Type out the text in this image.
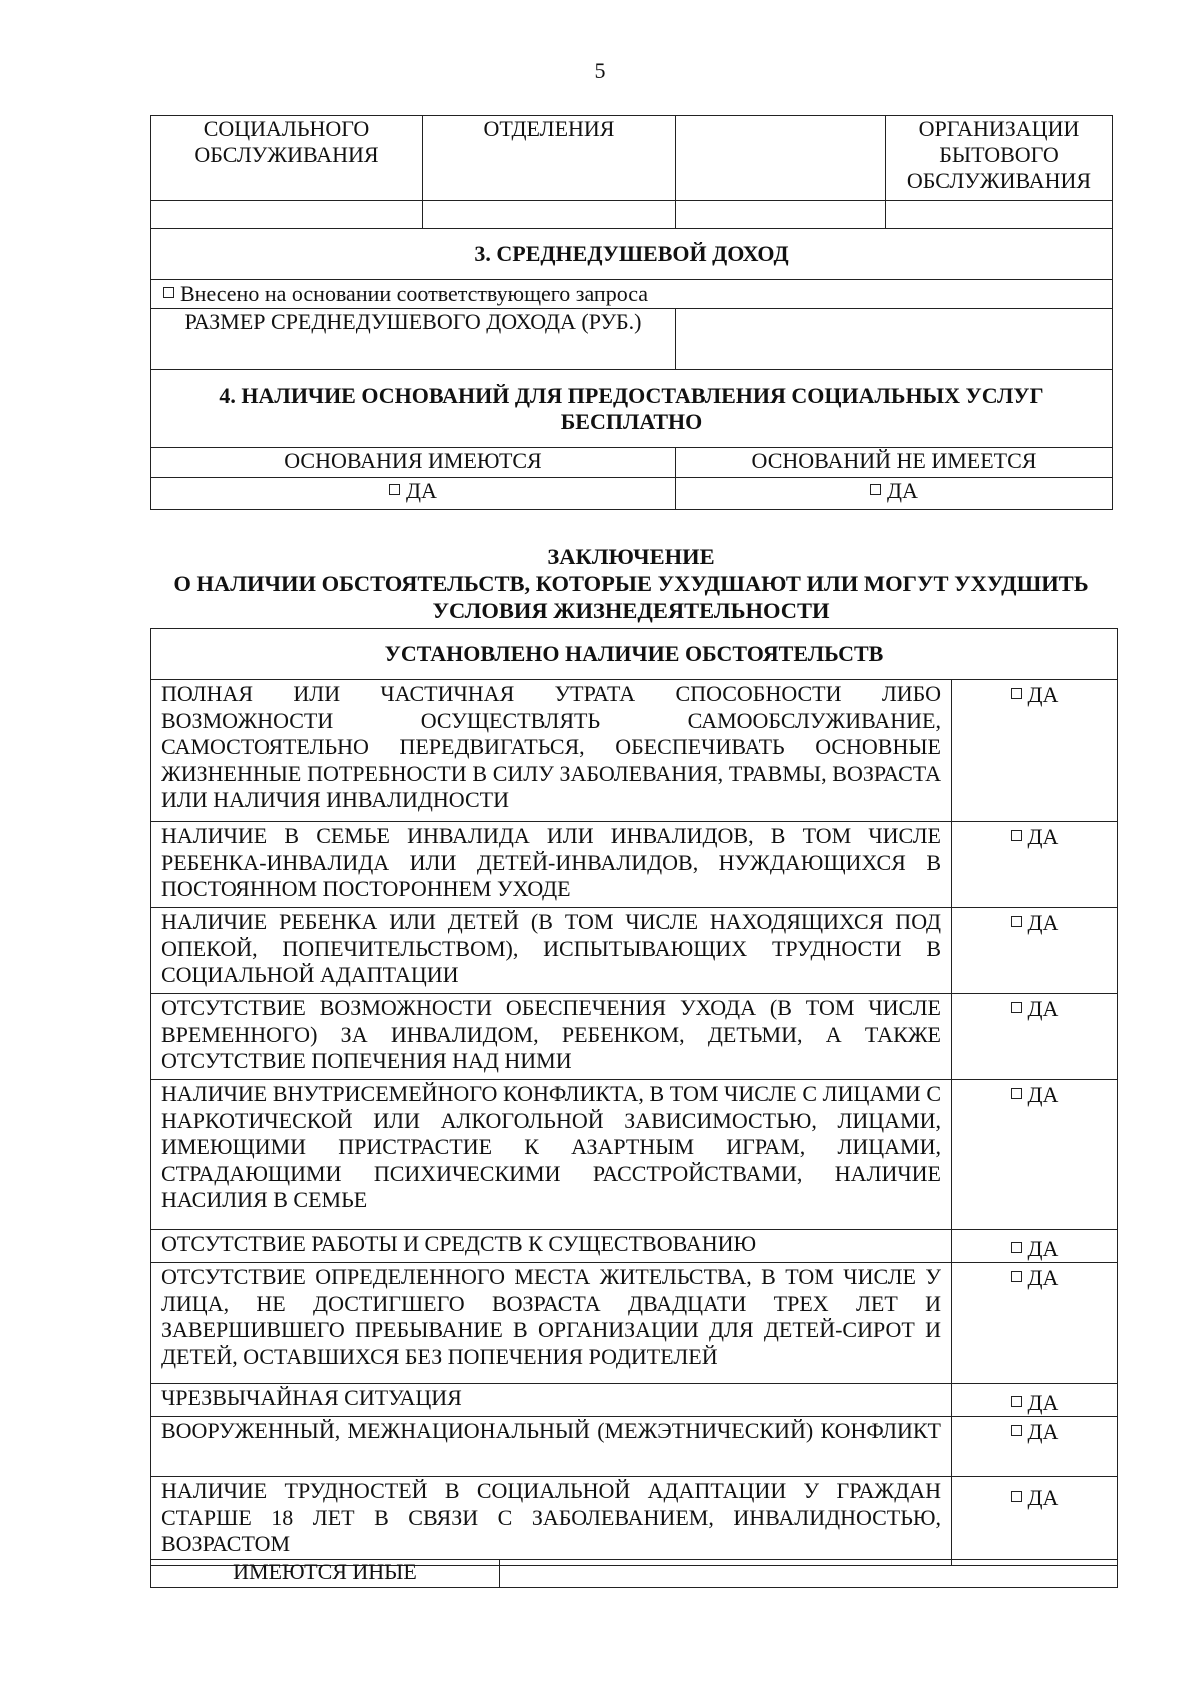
5
СОЦИАЛЬНОГО ОБСЛУЖИВАНИЯ	ОТДЕЛЕНИЯ		ОРГАНИЗАЦИИ БЫТОВОГО ОБСЛУЖИВАНИЯ

3. СРЕДНЕДУШЕВОЙ ДОХОД			
Внесено на основании соответствующего запроса			
РАЗМЕР СРЕДНЕДУШЕВОГО ДОХОДА (РУБ.)			
4. НАЛИЧИЕ ОСНОВАНИЙ ДЛЯ ПРЕДОСТАВЛЕНИЯ СОЦИАЛЬНЫХ УСЛУГ БЕСПЛАТНО			
ОСНОВАНИЯ ИМЕЮТСЯ		ОСНОВАНИЙ НЕ ИМЕЕТСЯ	
ДА		ДА	
ЗАКЛЮЧЕНИЕ
О НАЛИЧИИ ОБСТОЯТЕЛЬСТВ, КОТОРЫЕ УХУДШАЮТ ИЛИ МОГУТ УХУДШИТЬ УСЛОВИЯ ЖИЗНЕДЕЯТЕЛЬНОСТИ
УСТАНОВЛЕНО НАЛИЧИЕ ОБСТОЯТЕЛЬСТВ	
ПОЛНАЯ ИЛИ ЧАСТИЧНАЯ УТРАТА СПОСОБНОСТИ ЛИБО ВОЗМОЖНОСТИ ОСУЩЕСТВЛЯТЬ САМООБСЛУЖИВАНИЕ, САМОСТОЯТЕЛЬНО ПЕРЕДВИГАТЬСЯ, ОБЕСПЕЧИВАТЬ ОСНОВНЫЕ ЖИЗНЕННЫЕ ПОТРЕБНОСТИ В СИЛУ ЗАБОЛЕВАНИЯ, ТРАВМЫ, ВОЗРАСТА ИЛИ НАЛИЧИЯ ИНВАЛИДНОСТИ	ДА
НАЛИЧИЕ В СЕМЬЕ ИНВАЛИДА ИЛИ ИНВАЛИДОВ, В ТОМ ЧИСЛЕ РЕБЕНКА-ИНВАЛИДА ИЛИ ДЕТЕЙ-ИНВАЛИДОВ, НУЖДАЮЩИХСЯ В ПОСТОЯННОМ ПОСТОРОННЕМ УХОДЕ	ДА
НАЛИЧИЕ РЕБЕНКА ИЛИ ДЕТЕЙ (В ТОМ ЧИСЛЕ НАХОДЯЩИХСЯ ПОД ОПЕКОЙ, ПОПЕЧИТЕЛЬСТВОМ), ИСПЫТЫВАЮЩИХ ТРУДНОСТИ В СОЦИАЛЬНОЙ АДАПТАЦИИ	ДА
ОТСУТСТВИЕ ВОЗМОЖНОСТИ ОБЕСПЕЧЕНИЯ УХОДА (В ТОМ ЧИСЛЕ ВРЕМЕННОГО) ЗА ИНВАЛИДОМ, РЕБЕНКОМ, ДЕТЬМИ, А ТАКЖЕ ОТСУТСТВИЕ ПОПЕЧЕНИЯ НАД НИМИ	ДА
НАЛИЧИЕ ВНУТРИСЕМЕЙНОГО КОНФЛИКТА, В ТОМ ЧИСЛЕ С ЛИЦАМИ С НАРКОТИЧЕСКОЙ ИЛИ АЛКОГОЛЬНОЙ ЗАВИСИМОСТЬЮ, ЛИЦАМИ, ИМЕЮЩИМИ ПРИСТРАСТИЕ К АЗАРТНЫМ ИГРАМ, ЛИЦАМИ, СТРАДАЮЩИМИ ПСИХИЧЕСКИМИ РАССТРОЙСТВАМИ, НАЛИЧИЕ НАСИЛИЯ В СЕМЬЕ	ДА
ОТСУТСТВИЕ РАБОТЫ И СРЕДСТВ К СУЩЕСТВОВАНИЮ	ДА
ОТСУТСТВИЕ ОПРЕДЕЛЕННОГО МЕСТА ЖИТЕЛЬСТВА, В ТОМ ЧИСЛЕ У ЛИЦА, НЕ ДОСТИГШЕГО ВОЗРАСТА ДВАДЦАТИ ТРЕХ ЛЕТ И ЗАВЕРШИВШЕГО ПРЕБЫВАНИЕ В ОРГАНИЗАЦИИ ДЛЯ ДЕТЕЙ-СИРОТ И ДЕТЕЙ, ОСТАВШИХСЯ БЕЗ ПОПЕЧЕНИЯ РОДИТЕЛЕЙ	ДА
ЧРЕЗВЫЧАЙНАЯ СИТУАЦИЯ	ДА

ВООРУЖЕННЫЙ, МЕЖНАЦИОНАЛЬНЫЙ (МЕЖЭТНИЧЕСКИЙ) КОНФЛИКТ	ДА
НАЛИЧИЕ ТРУДНОСТЕЙ В СОЦИАЛЬНОЙ АДАПТАЦИИ У ГРАЖДАН СТАРШЕ 18 ЛЕТ В СВЯЗИ С ЗАБОЛЕВАНИЕМ, ИНВАЛИДНОСТЬЮ, ВОЗРАСТОМ	ДА
ИМЕЮТСЯ ИНЫЕ	
